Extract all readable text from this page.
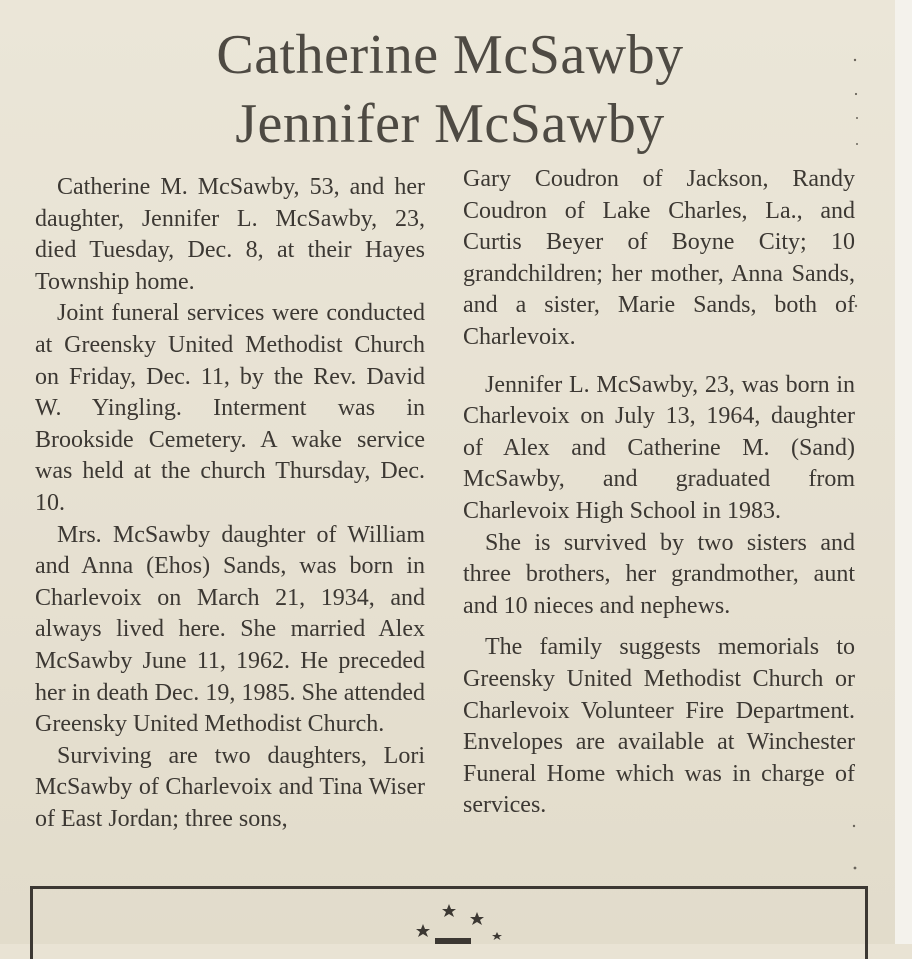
Catherine McSawby
Jennifer McSawby

Catherine M. McSawby, 53, and her daughter, Jennifer L. McSawby, 23, died Tuesday, Dec. 8, at their Hayes Township home.

Joint funeral services were conducted at Greensky United Methodist Church on Friday, Dec. 11, by the Rev. David W. Yingling. Interment was in Brookside Cemetery. A wake service was held at the church Thursday, Dec. 10.

Mrs. McSawby daughter of William and Anna (Ehos) Sands, was born in Charlevoix on March 21, 1934, and always lived here. She married Alex McSawby June 11, 1962. He preceded her in death Dec. 19, 1985. She attended Greensky United Methodist Church.

Surviving are two daughters, Lori McSawby of Charlevoix and Tina Wiser of East Jordan; three sons,

Gary Coudron of Jackson, Randy Coudron of Lake Charles, La., and Curtis Beyer of Boyne City; 10 grandchildren; her mother, Anna Sands, and a sister, Marie Sands, both of Charlevoix.

Jennifer L. McSawby, 23, was born in Charlevoix on July 13, 1964, daughter of Alex and Catherine M. (Sand) McSawby, and graduated from Charlevoix High School in 1983.

She is survived by two sisters and three brothers, her grandmother, aunt and 10 nieces and nephews.

The family suggests memorials to Greensky United Methodist Church or Charlevoix Volunteer Fire Department. Envelopes are available at Winchester Funeral Home which was in charge of services.
